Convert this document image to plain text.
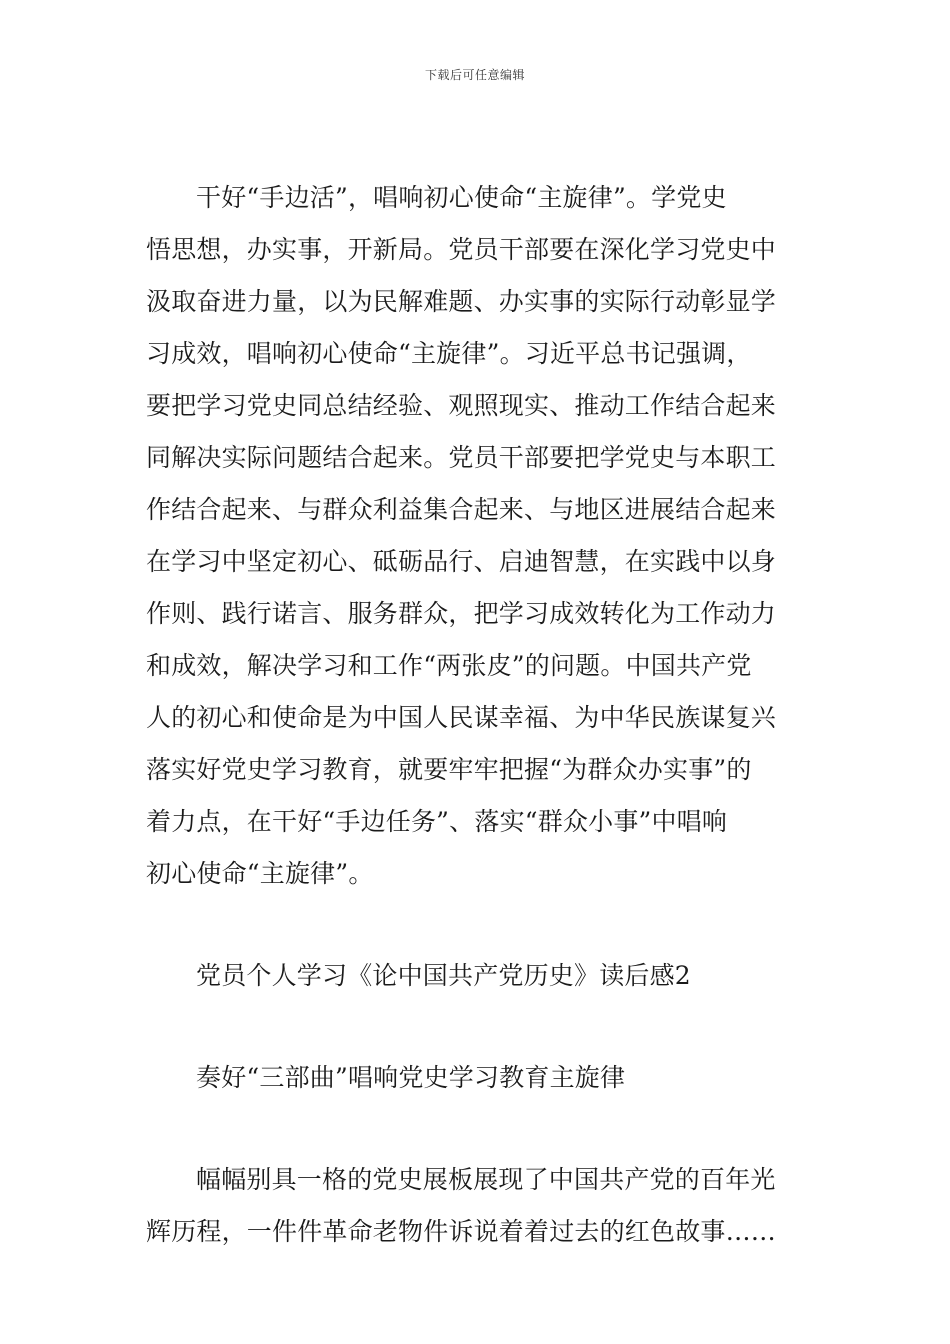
下载后可任意编辑
干好“手边活”，唱响初心使命“主旋律”。学党史
悟思想，办实事，开新局。党员干部要在深化学习党史中
汲取奋进力量，以为民解难题、办实事的实际行动彰显学
习成效，唱响初心使命“主旋律”。习近平总书记强调，
要把学习党史同总结经验、观照现实、推动工作结合起来
同解决实际问题结合起来。党员干部要把学党史与本职工
作结合起来、与群众利益集合起来、与地区进展结合起来
在学习中坚定初心、砥砺品行、启迪智慧，在实践中以身
作则、践行诺言、服务群众，把学习成效转化为工作动力
和成效，解决学习和工作“两张皮”的问题。中国共产党
人的初心和使命是为中国人民谋幸福、为中华民族谋复兴
落实好党史学习教育，就要牢牢把握“为群众办实事”的
着力点，在干好“手边任务”、落实“群众小事”中唱响
初心使命“主旋律”。
党员个人学习《论中国共产党历史》读后感2
奏好“三部曲”唱响党史学习教育主旋律
幅幅别具一格的党史展板展现了中国共产党的百年光
辉历程，一件件革命老物件诉说着着过去的红色故事……
